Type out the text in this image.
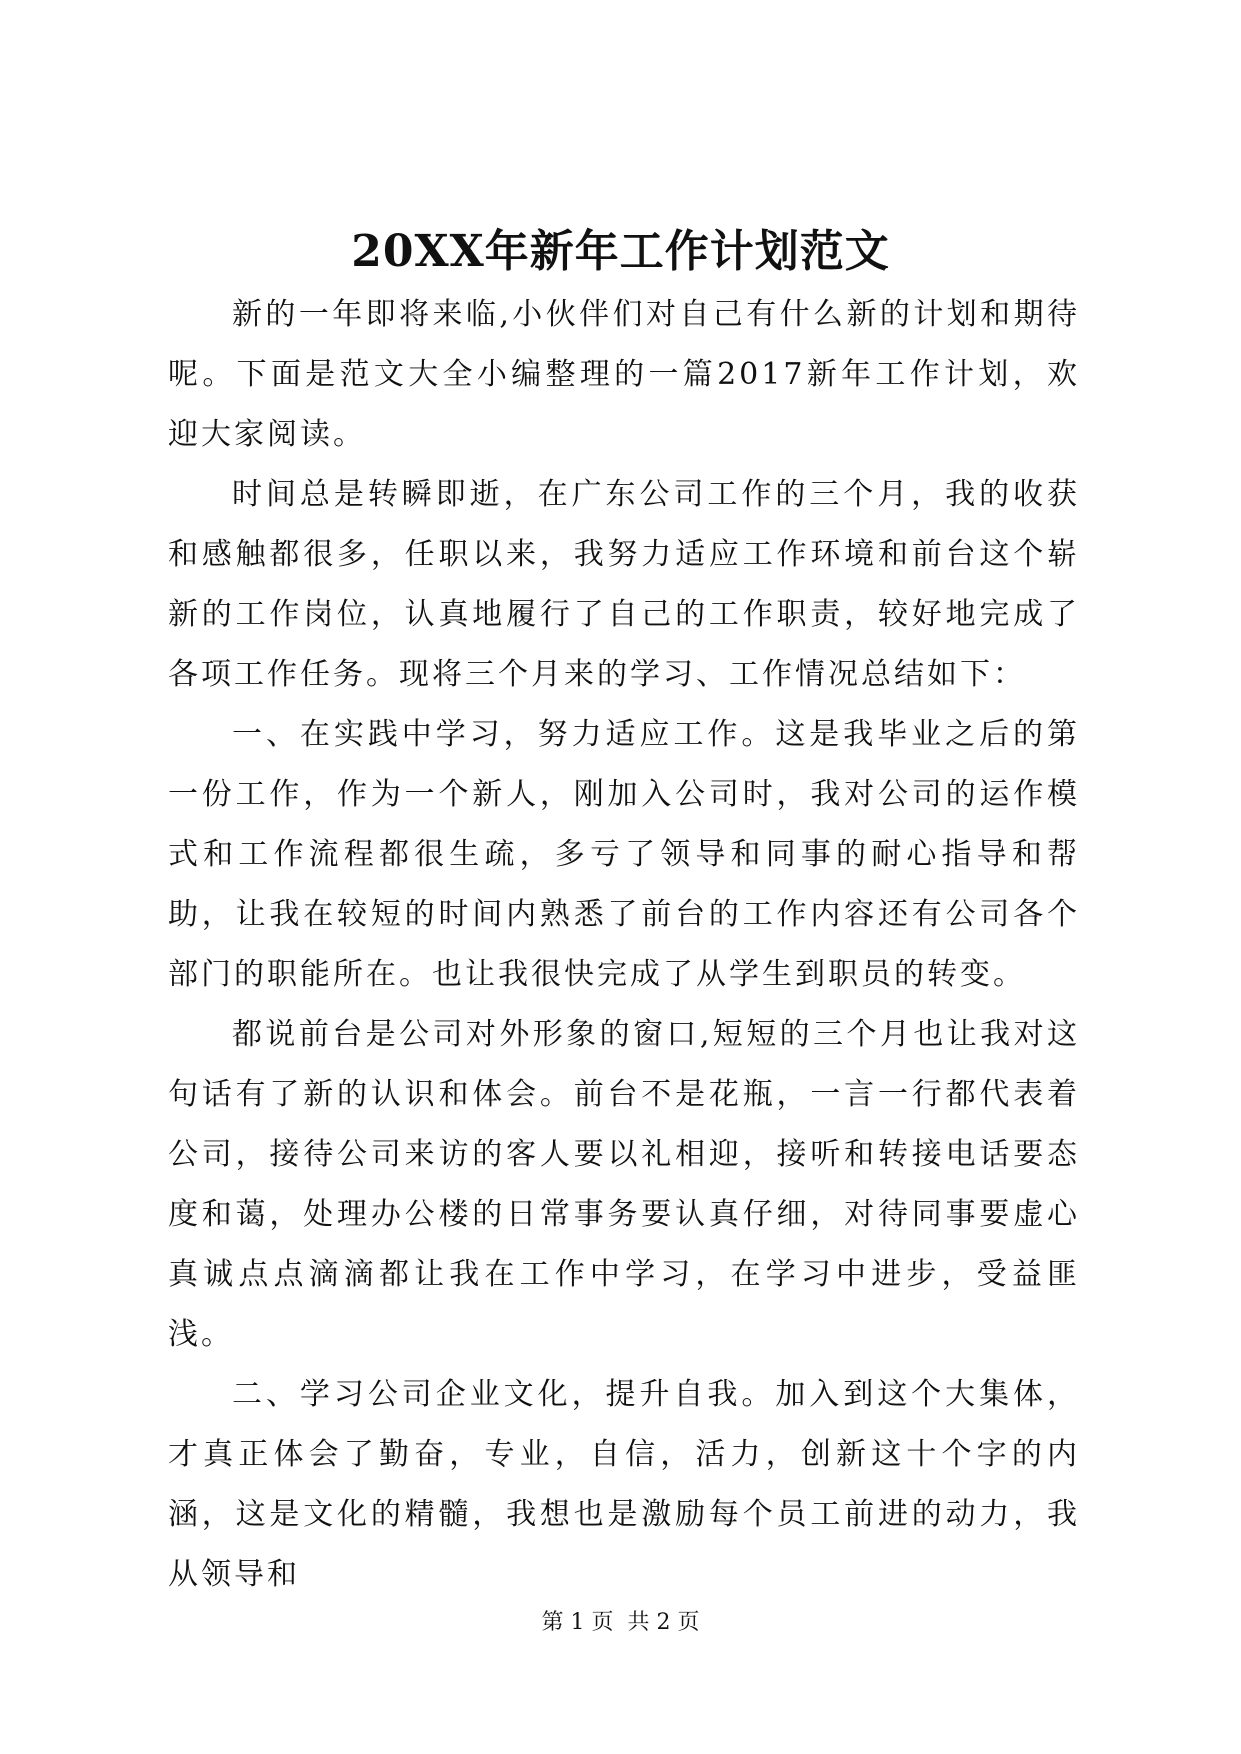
20XX年新年工作计划范文

新的一年即将来临,小伙伴们对自己有什么新的计划和期待呢。下面是范文大全小编整理的一篇2017新年工作计划，欢迎大家阅读。

时间总是转瞬即逝，在广东公司工作的三个月，我的收获和感触都很多，任职以来，我努力适应工作环境和前台这个崭新的工作岗位，认真地履行了自己的工作职责，较好地完成了各项工作任务。现将三个月来的学习、工作情况总结如下：

一、在实践中学习，努力适应工作。这是我毕业之后的第一份工作，作为一个新人，刚加入公司时，我对公司的运作模式和工作流程都很生疏，多亏了领导和同事的耐心指导和帮助，让我在较短的时间内熟悉了前台的工作内容还有公司各个部门的职能所在。也让我很快完成了从学生到职员的转变。

都说前台是公司对外形象的窗口,短短的三个月也让我对这句话有了新的认识和体会。前台不是花瓶，一言一行都代表着公司，接待公司来访的客人要以礼相迎，接听和转接电话要态度和蔼，处理办公楼的日常事务要认真仔细，对待同事要虚心真诚点点滴滴都让我在工作中学习，在学习中进步，受益匪浅。

二、学习公司企业文化，提升自我。加入到这个大集体，才真正体会了勤奋，专业，自信，活力，创新这十个字的内涵，这是文化的精髓，我想也是激励每个员工前进的动力，我从领导和

第 1 页  共 2 页
